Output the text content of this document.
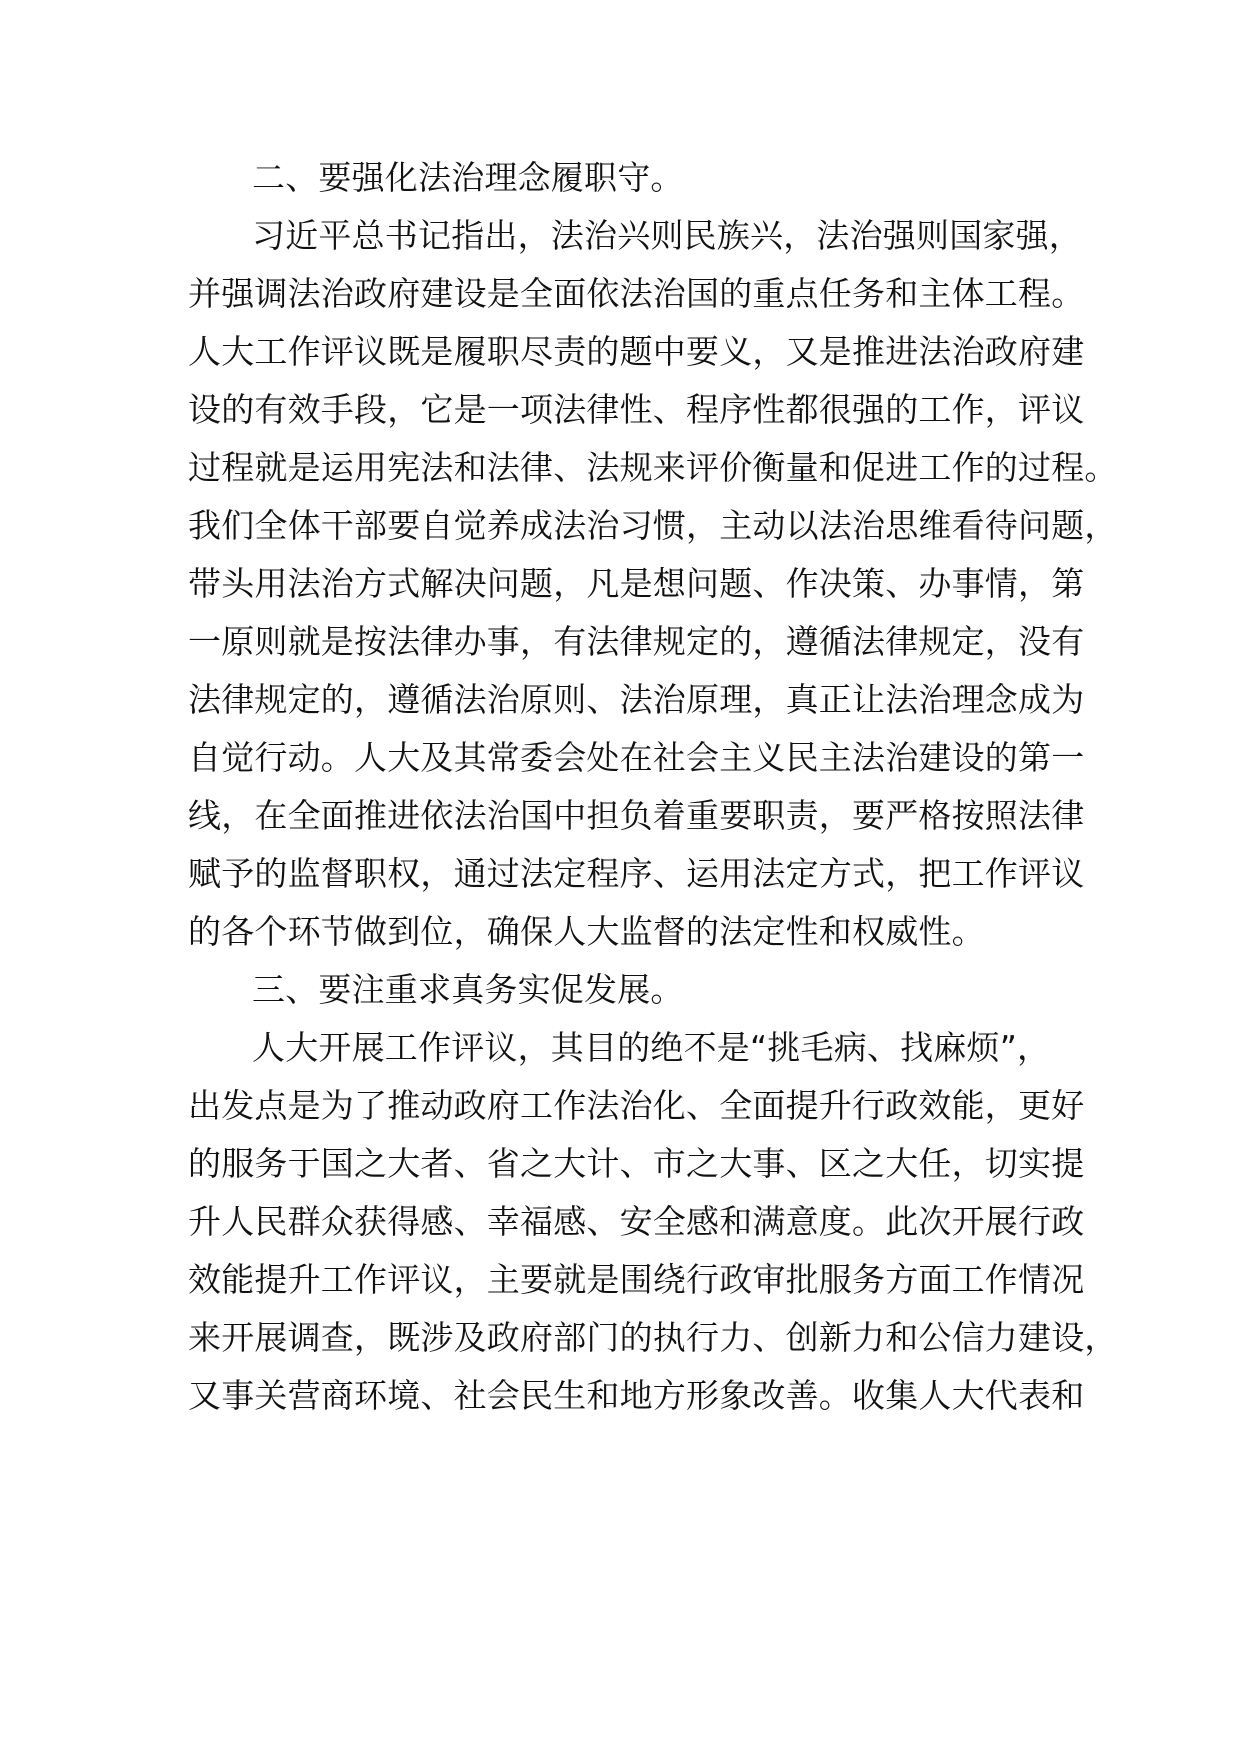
二、要强化法治理念履职守。
习近平总书记指出，法治兴则民族兴，法治强则国家强，
并强调法治政府建设是全面依法治国的重点任务和主体工程。
人大工作评议既是履职尽责的题中要义，又是推进法治政府建
设的有效手段，它是一项法律性、程序性都很强的工作，评议
过程就是运用宪法和法律、法规来评价衡量和促进工作的过程。
我们全体干部要自觉养成法治习惯，主动以法治思维看待问题，
带头用法治方式解决问题，凡是想问题、作决策、办事情，第
一原则就是按法律办事，有法律规定的，遵循法律规定，没有
法律规定的，遵循法治原则、法治原理，真正让法治理念成为
自觉行动。人大及其常委会处在社会主义民主法治建设的第一
线，在全面推进依法治国中担负着重要职责，要严格按照法律
赋予的监督职权，通过法定程序、运用法定方式，把工作评议
的各个环节做到位，确保人大监督的法定性和权威性。
三、要注重求真务实促发展。
人大开展工作评议，其目的绝不是“挑毛病、找麻烦”，
出发点是为了推动政府工作法治化、全面提升行政效能，更好
的服务于国之大者、省之大计、市之大事、区之大任，切实提
升人民群众获得感、幸福感、安全感和满意度。此次开展行政
效能提升工作评议，主要就是围绕行政审批服务方面工作情况
来开展调查，既涉及政府部门的执行力、创新力和公信力建设，
又事关营商环境、社会民生和地方形象改善。收集人大代表和
